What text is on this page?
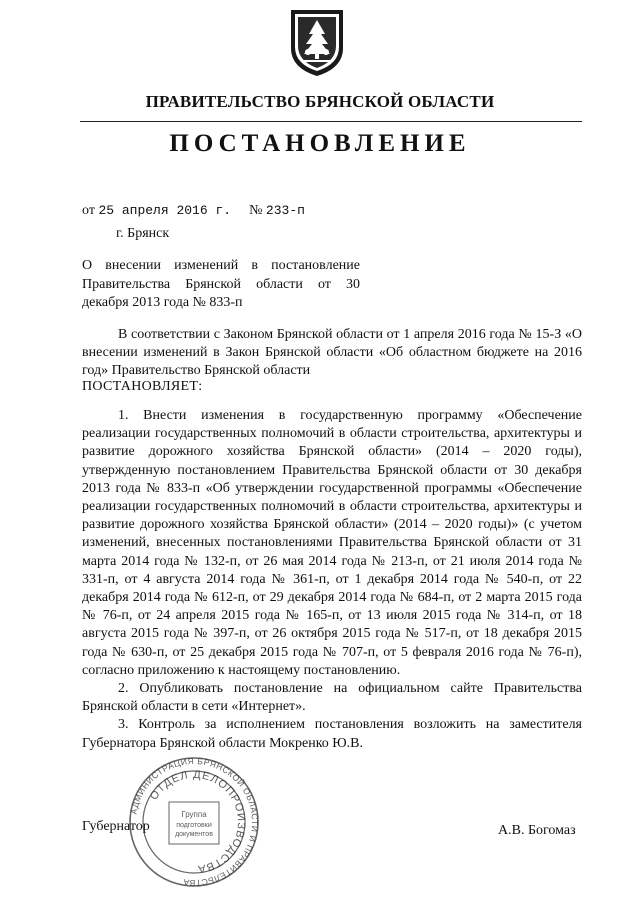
ПРАВИТЕЛЬСТВО БРЯНСКОЙ ОБЛАСТИ
ПОСТАНОВЛЕНИЕ
от 25 апреля 2016 г. № 233-п
г. Брянск
О внесении изменений в постановление Правительства Брянской области от 30 декабря 2013 года № 833-п
В соответствии с Законом Брянской области от 1 апреля 2016 года № 15-З «О внесении изменений в Закон Брянской области «Об областном бюджете на 2016 год» Правительство Брянской области
ПОСТАНОВЛЯЕТ:

1. Внести изменения в государственную программу «Обеспечение реализации государственных полномочий в области строительства, архитектуры и развитие дорожного хозяйства Брянской области» (2014 – 2020 годы), утвержденную постановлением Правительства Брянской области от 30 декабря 2013 года № 833-п «Об утверждении государственной программы «Обеспечение реализации государственных полномочий в области строительства, архитектуры и развитие дорожного хозяйства Брянской области» (2014 – 2020 годы)» (с учетом изменений, внесенных постановлениями Правительства Брянской области от 31 марта 2014 года № 132-п, от 26 мая 2014 года № 213-п, от 21 июля 2014 года № 331-п, от 4 августа 2014 года № 361-п, от 1 декабря 2014 года № 540-п, от 22 декабря 2014 года № 612-п, от 29 декабря 2014 года № 684-п, от 2 марта 2015 года № 76-п, от 24 апреля 2015 года № 165-п, от 13 июля 2015 года № 314-п, от 18 августа 2015 года № 397-п, от 26 октября 2015 года № 517-п, от 18 декабря 2015 года № 630-п, от 25 декабря 2015 года № 707-п, от 5 февраля 2016 года № 76-п), согласно приложению к настоящему постановлению.

2. Опубликовать постановление на официальном сайте Правительства Брянской области в сети «Интернет».

3. Контроль за исполнением постановления возложить на заместителя Губернатора Брянской области Мокренко Ю.В.

Губернатор	А.В. Богомаз
АДМИНИСТРАЦИЯ БРЯНСКОЙ ОБЛАСТИ И ПРАВИТЕЛЬСТВА
ОТДЕЛ ДЕЛОПРОИЗВОДСТВА
Группа
подготовки
документов
